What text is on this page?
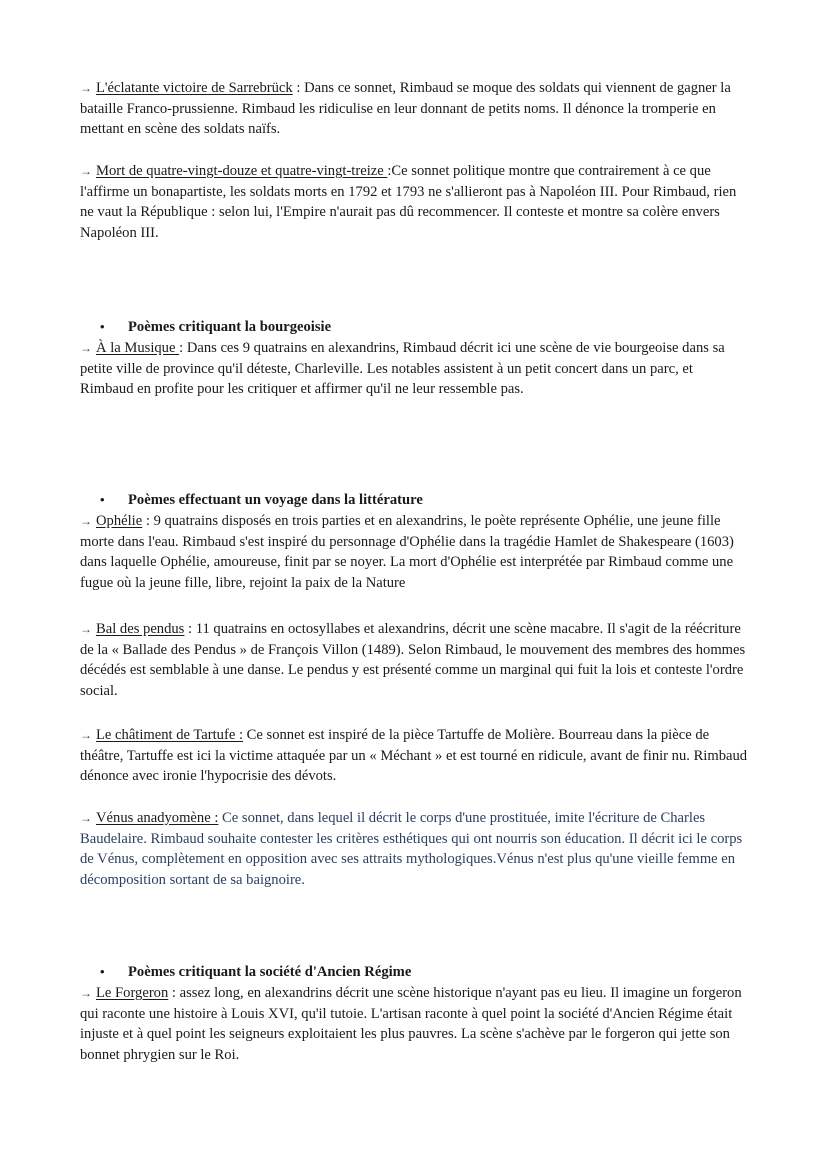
→ L'éclatante victoire de Sarrebrück : Dans ce sonnet, Rimbaud se moque des soldats qui viennent de gagner la bataille Franco-prussienne. Rimbaud les ridiculise en leur donnant de petits noms. Il dénonce la tromperie en mettant en scène des soldats naïfs.

→ Mort de quatre-vingt-douze et quatre-vingt-treize :Ce sonnet politique montre que contrairement à ce que l'affirme un bonapartiste, les soldats morts en 1792 et 1793 ne s'allieront pas à Napoléon III. Pour Rimbaud, rien ne vaut la République : selon lui, l'Empire n'aurait pas dû recommencer. Il conteste et montre sa colère envers Napoléon III.

• Poèmes critiquant la bourgeoisie

→ À la Musique : Dans ces 9 quatrains en alexandrins, Rimbaud décrit ici une scène de vie bourgeoise dans sa petite ville de province qu'il déteste, Charleville. Les notables assistent à un petit concert dans un parc, et Rimbaud en profite pour les critiquer et affirmer qu'il ne leur ressemble pas.

• Poèmes effectuant un voyage dans la littérature

→ Ophélie : 9 quatrains disposés en trois parties et en alexandrins, le poète représente Ophélie, une jeune fille morte dans l'eau. Rimbaud s'est inspiré du personnage d'Ophélie dans la tragédie Hamlet de Shakespeare (1603) dans laquelle Ophélie, amoureuse, finit par se noyer. La mort d'Ophélie est interprétée par Rimbaud comme une fugue où la jeune fille, libre, rejoint la paix de la Nature

→ Bal des pendus : 11 quatrains en octosyllabes et alexandrins, décrit une scène macabre. Il s'agit de la réécriture de la « Ballade des Pendus » de François Villon (1489). Selon Rimbaud, le mouvement des membres des hommes décédés est semblable à une danse. Le pendus y est présenté comme un marginal qui fuit la lois et conteste l'ordre social.

→ Le châtiment de Tartufe : Ce sonnet est inspiré de la pièce Tartuffe de Molière. Bourreau dans la pièce de théâtre, Tartuffe est ici la victime attaquée par un « Méchant » et est tourné en ridicule, avant de finir nu. Rimbaud dénonce avec ironie l'hypocrisie des dévots.

→ Vénus anadyomène : Ce sonnet, dans lequel il décrit le corps d'une prostituée, imite l'écriture de Charles Baudelaire. Rimbaud souhaite contester les critères esthétiques qui ont nourris son éducation. Il décrit ici le corps de Vénus, complètement en opposition avec ses attraits mythologiques.Vénus n'est plus qu'une vieille femme en décomposition sortant de sa baignoire.

• Poèmes critiquant la société d'Ancien Régime

→ Le Forgeron : assez long, en alexandrins décrit une scène historique n'ayant pas eu lieu. Il imagine un forgeron qui raconte une histoire à Louis XVI, qu'il tutoie. L'artisan raconte à quel point la société d'Ancien Régime était injuste et à quel point les seigneurs exploitaient les plus pauvres. La scène s'achève par le forgeron qui jette son bonnet phrygien sur le Roi.
